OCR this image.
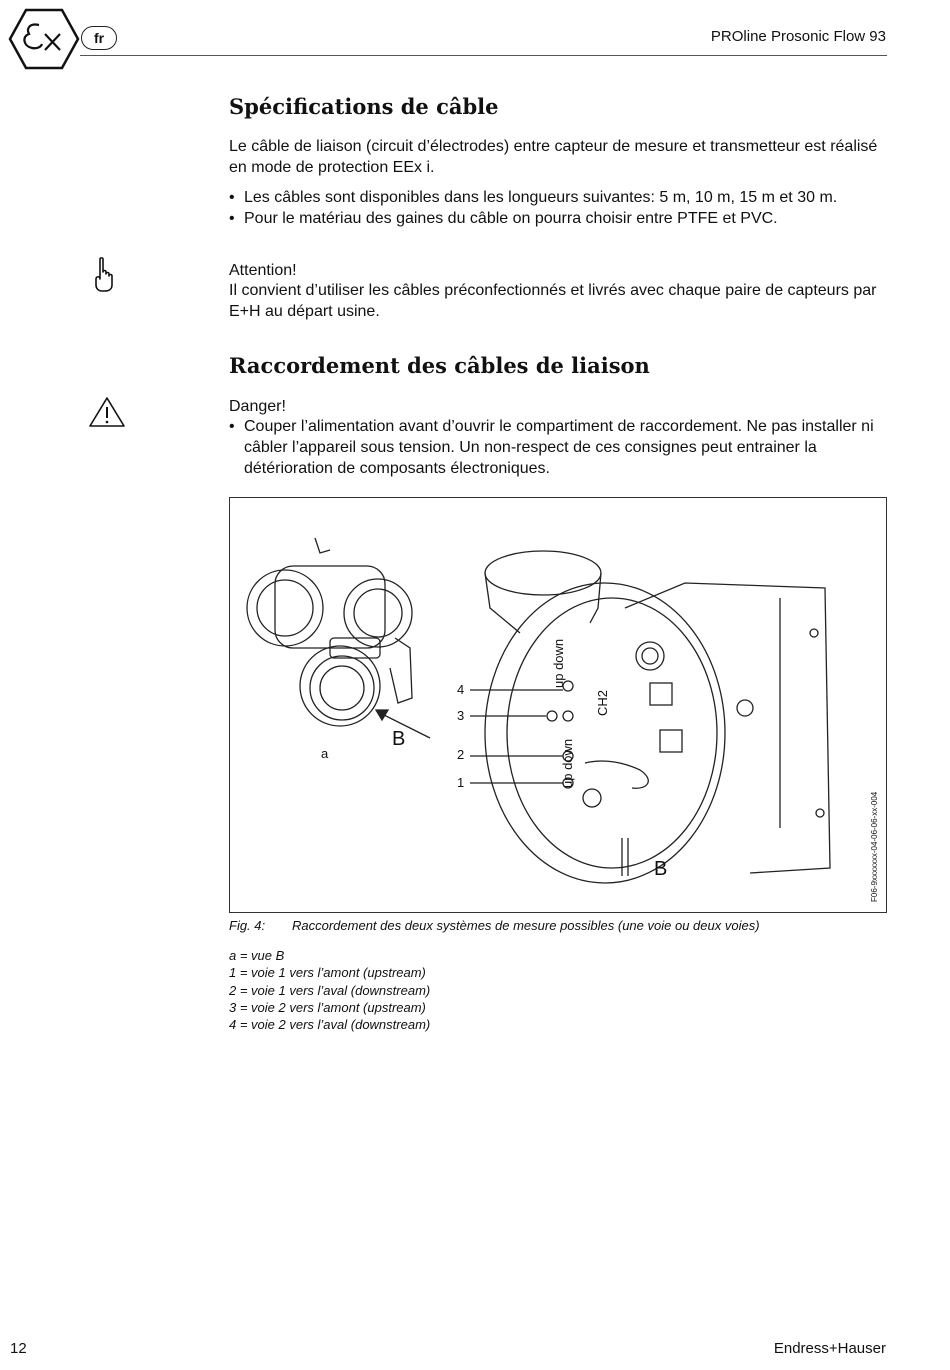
fr	PROline Prosonic Flow 93
Spécifications de câble

Le câble de liaison (circuit d’électrodes) entre capteur de mesure et transmetteur est réalisé en mode de protection EEx i.

• Les câbles sont disponibles dans les longueurs suivantes: 5 m, 10 m, 15 m et 30 m.
• Pour le matériau des gaines du câble on pourra choisir entre PTFE et PVC.

Attention!

Il convient d’utiliser les câbles préconfectionnés et livrés avec chaque paire de capteurs par E+H au départ usine.

Raccordement des câbles de liaison

Danger!

• Couper l’alimentation avant d’ouvrir le compartiment de raccordement. Ne pas installer ni câbler l’appareil sous tension. Un non-respect de ces consignes peut entrainer la détérioration de composants électroniques.
a
B
4
3
2
1
up down
CH2
up down
B	F06-9xxxxxxx-04-06-06-xx-004
Fig. 4: Raccordement des deux systèmes de mesure possibles (une voie ou deux voies)
a = vue B
1 = voie 1 vers l’amont (upstream)
2 = voie 1 vers l’aval (downstream)
3 = voie 2 vers l’amont (upstream)
4 = voie 2 vers l’aval (downstream)
12	Endress+Hauser
